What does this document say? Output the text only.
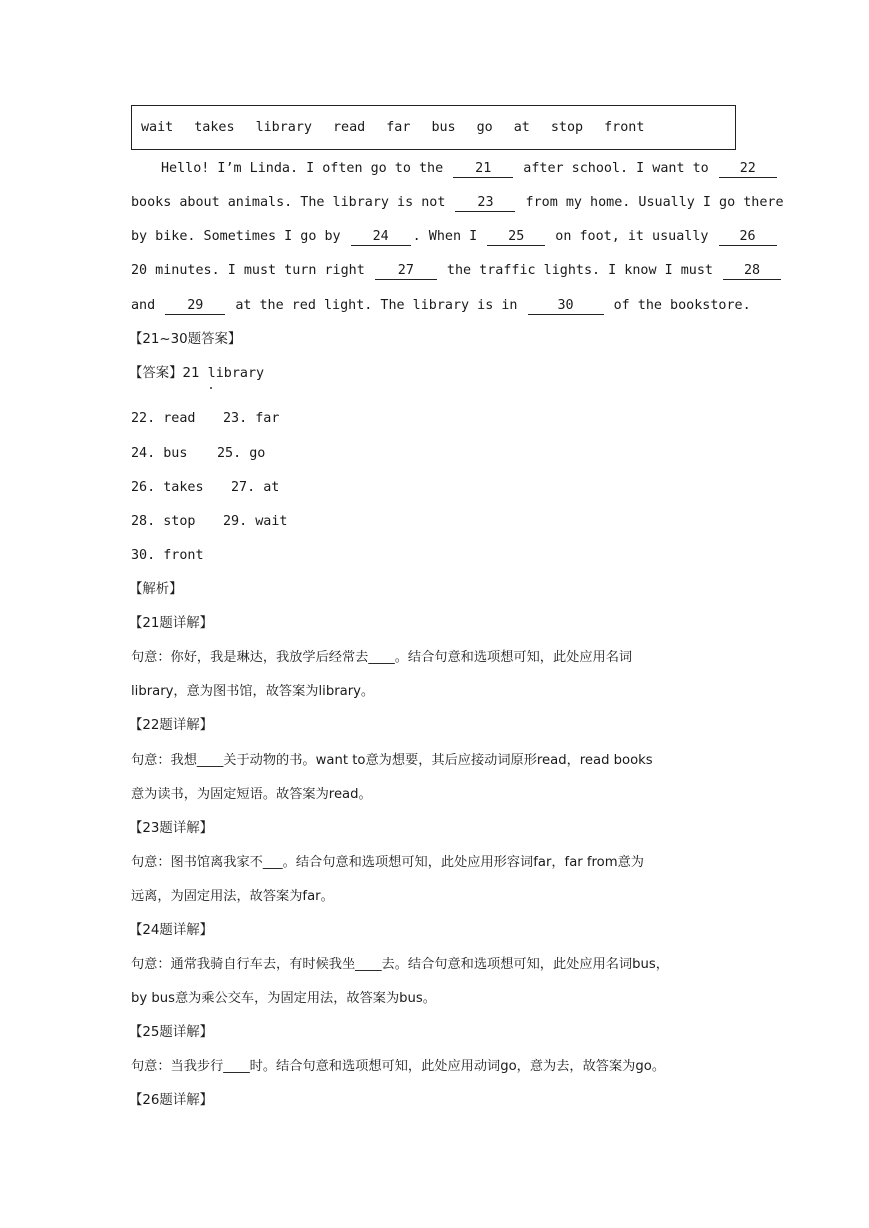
wait takes library read far bus go at stop front
Hello! I’m Linda. I often go to the 21 after school. I want to 22
books about animals. The library is not 23 from my home. Usually I go there
by bike. Sometimes I go by 24 . When I 25 on foot, it usually 26
20 minutes. I must turn right 27 the traffic lights. I know I must 28
and 29 at the red light. The library is in	30	of the bookstore.
【21~30题答案】
【答案】21 library
22. read 23. far
24. bus 25. go
26. takes 27. at
28. stop 29. wait
30. front
【解析】
【21题详解】
句意：你好，我是琳达，我放学后经常去____。结合句意和选项想可知，此处应用名词
library，意为图书馆，故答案为library。
【22题详解】
句意：我想____关于动物的书。want to意为想要，其后应接动词原形read，read books
意为读书，为固定短语。故答案为read。
【23题详解】
句意：图书馆离我家不___。结合句意和选项想可知，此处应用形容词far，far from意为
远离，为固定用法，故答案为far。
【24题详解】
句意：通常我骑自行车去，有时候我坐____去。结合句意和选项想可知，此处应用名词bus，
by bus意为乘公交车，为固定用法，故答案为bus。
【25题详解】
句意：当我步行____时。结合句意和选项想可知，此处应用动词go，意为去，故答案为go。
【26题详解】
